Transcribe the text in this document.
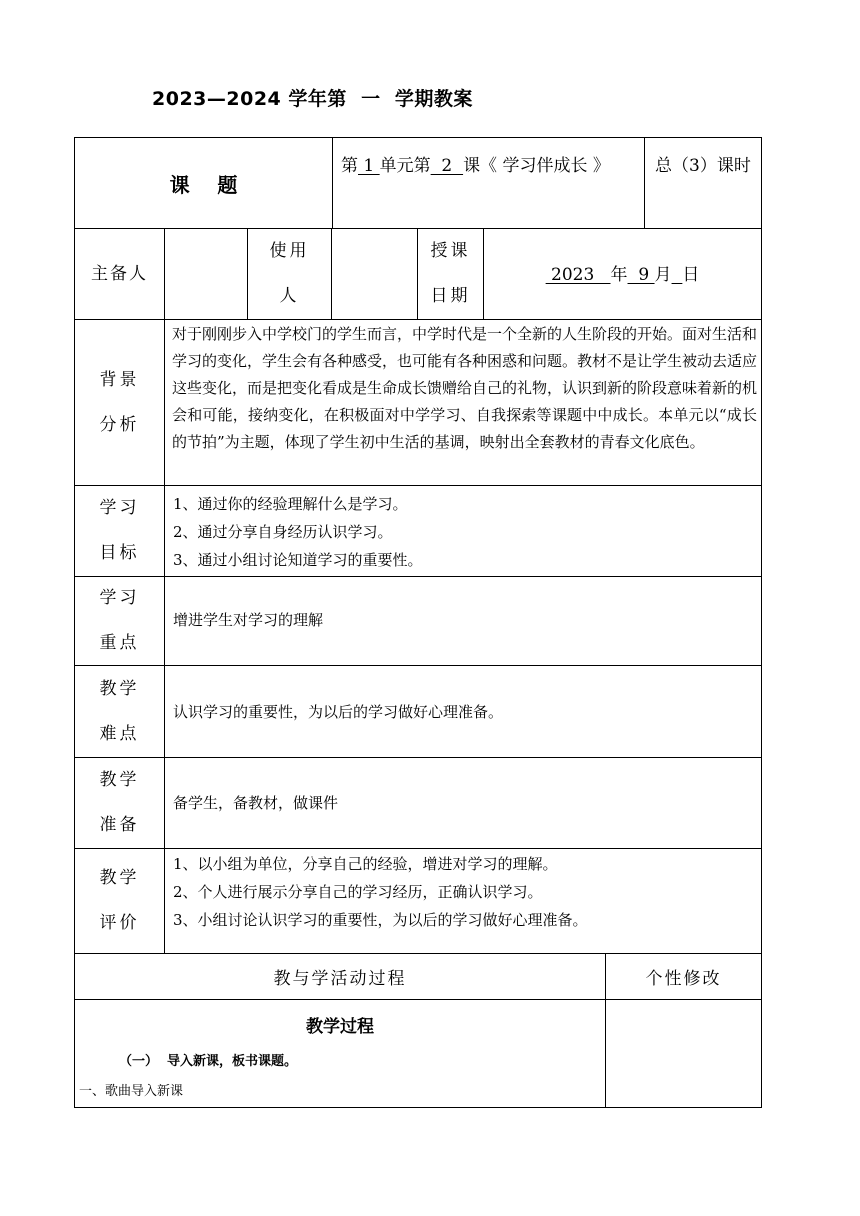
2023—2024 学年第  一  学期教案
课    题
第 1 单元第  2  课《 学习伴成长 》	总（3）课时
主备人
使用
人
授课
日期
2023   年  9 月 日
背景
分析
对于刚刚步入中学校门的学生而言，中学时代是一个全新的人生阶段的开始。面对生活和学习的变化，学生会有各种感受，也可能有各种困惑和问题。教材不是让学生被动去适应这些变化，而是把变化看成是生命成长馈赠给自己的礼物，认识到新的阶段意味着新的机会和可能，接纳变化，在积极面对中学学习、自我探索等课题中中成长。本单元以“成长的节拍”为主题，体现了学生初中生活的基调，映射出全套教材的青春文化底色。
学习
目标
1、通过你的经验理解什么是学习。
2、通过分享自身经历认识学习。
3、通过小组讨论知道学习的重要性。
学习
重点
增进学生对学习的理解
教学
难点
认识学习的重要性，为以后的学习做好心理准备。
教学
准备
备学生，备教材，做课件
教学
评价
1、以小组为单位，分享自己的经验，增进对学习的理解。
2、个人进行展示分享自己的学习经历，正确认识学习。
3、小组讨论认识学习的重要性，为以后的学习做好心理准备。
教与学活动过程	个性修改
教学过程
（一）  导入新课，板书课题。
一、歌曲导入新课
